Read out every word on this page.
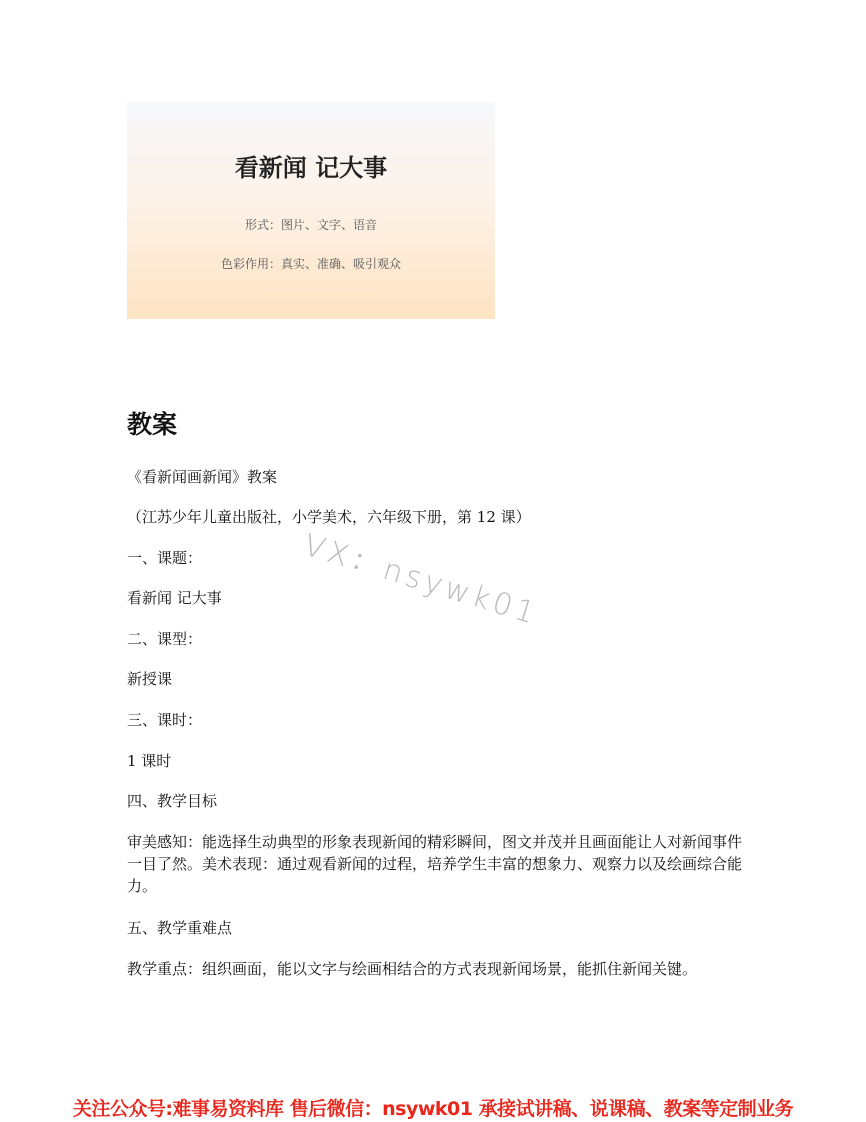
看新闻 记大事
形式：图片、文字、语音
色彩作用：真实、准确、吸引观众
教案
《看新闻画新闻》教案
（江苏少年儿童出版社，小学美术，六年级下册，第 12 课）
一、课题：
看新闻 记大事
二、课型：
新授课
三、课时：
1 课时
四、教学目标
审美感知：能选择生动典型的形象表现新闻的精彩瞬间，图文并茂并且画面能让人对新闻事件一目了然。美术表现：通过观看新闻的过程，培养学生丰富的想象力、观察力以及绘画综合能力。
五、教学重难点
教学重点：组织画面，能以文字与绘画相结合的方式表现新闻场景，能抓住新闻关键。
VX：nsywk01
关注公众号:难事易资料库 售后微信：nsywk01 承接试讲稿、说课稿、教案等定制业务
